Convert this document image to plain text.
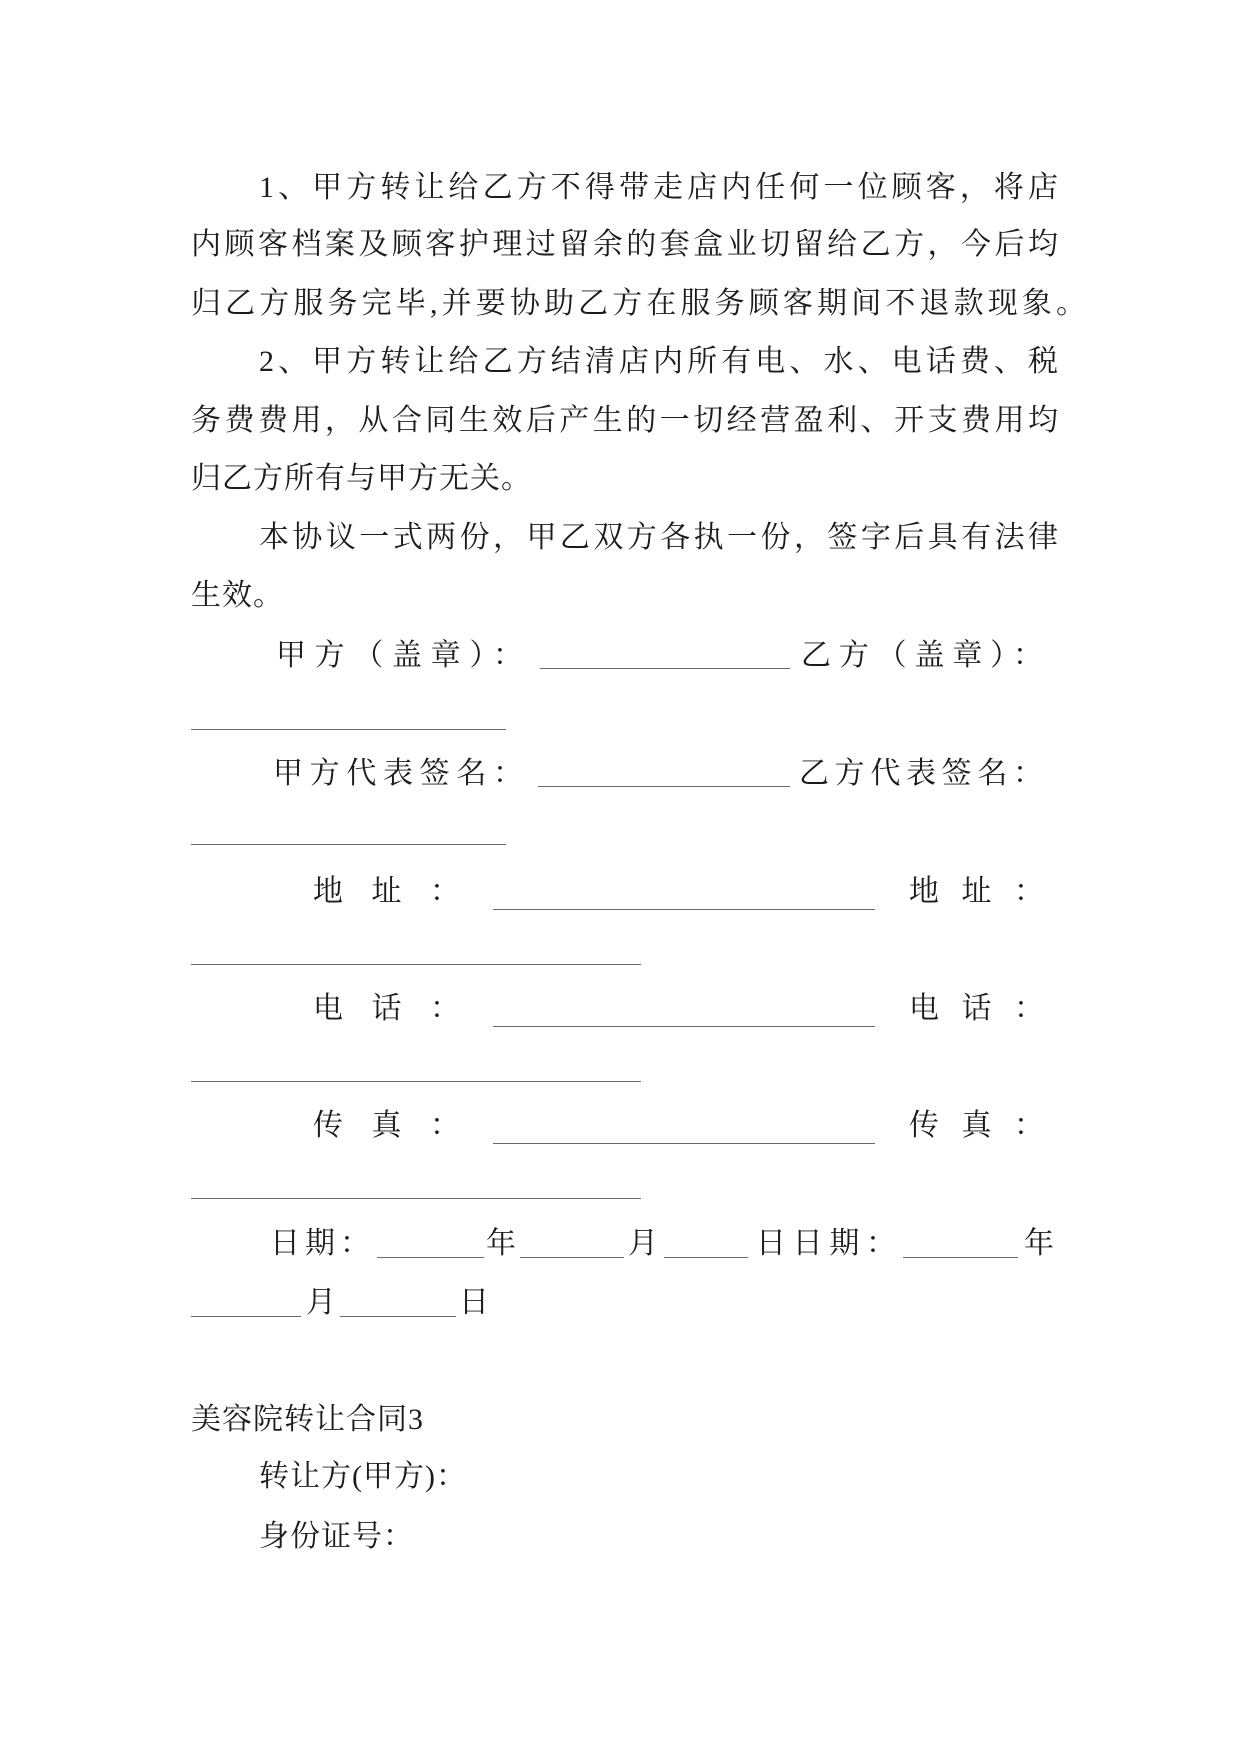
1、甲方转让给乙方不得带走店内任何一位顾客，将店
内顾客档案及顾客护理过留余的套盒业切留给乙方，今后均
归乙方服务完毕,并要协助乙方在服务顾客期间不退款现象。
2、甲方转让给乙方结清店内所有电、水、电话费、税
务费费用，从合同生效后产生的一切经营盈利、开支费用均
归乙方所有与甲方无关。
本协议一式两份，甲乙双方各执一份，签字后具有法律
生效。
甲方（盖章）：	乙方（盖章）：
甲方代表签名：	乙方代表签名：
地址：	地址：
电话：	电话：
传真：	传真：
日期：	年	月	日日期：	年
月	日
美容院转让合同3
转让方(甲方)：
身份证号：
